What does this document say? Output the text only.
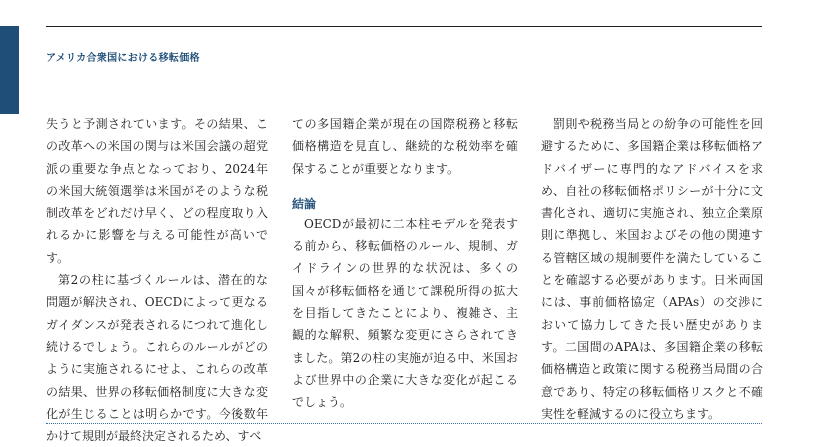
アメリカ合衆国における移転価格

失うと予測されています。その結果、この改革への米国の関与は米国会議の超党派の重要な争点となっており、2024年の米国大統領選挙は米国がそのような税制改革をどれだけ早く、どの程度取り入れるかに影響を与える可能性が高いです。

第2の柱に基づくルールは、潜在的な問題が解決され、OECDによって更なるガイダンスが発表されるにつれて進化し続けるでしょう。これらのルールがどのように実施されるにせよ、これらの改革の結果、世界の移転価格制度に大きな変化が生じることは明らかです。今後数年かけて規則が最終決定されるため、すべ

ての多国籍企業が現在の国際税務と移転価格構造を見直し、継続的な税効率を確保することが重要となります。

結論

OECDが最初に二本柱モデルを発表する前から、移転価格のルール、規制、ガイドラインの世界的な状況は、多くの国々が移転価格を通じて課税所得の拡大を目指してきたことにより、複雑さ、主観的な解釈、頻繁な変更にさらされてきました。第2の柱の実施が迫る中、米国および世界中の企業に大きな変化が起こるでしょう。

罰則や税務当局との紛争の可能性を回避するために、多国籍企業は移転価格アドバイザーに専門的なアドバイスを求め、自社の移転価格ポリシーが十分に文書化され、適切に実施され、独立企業原則に準拠し、米国およびその他の関連する管轄区域の規制要件を満たしていることを確認する必要があります。日米両国には、事前価格協定（APAs）の交渉において協力してきた長い歴史があります。二国間のAPAは、多国籍企業の移転価格構造と政策に関する税務当局間の合意であり、特定の移転価格リスクと不確実性を軽減するのに役立ちます。
